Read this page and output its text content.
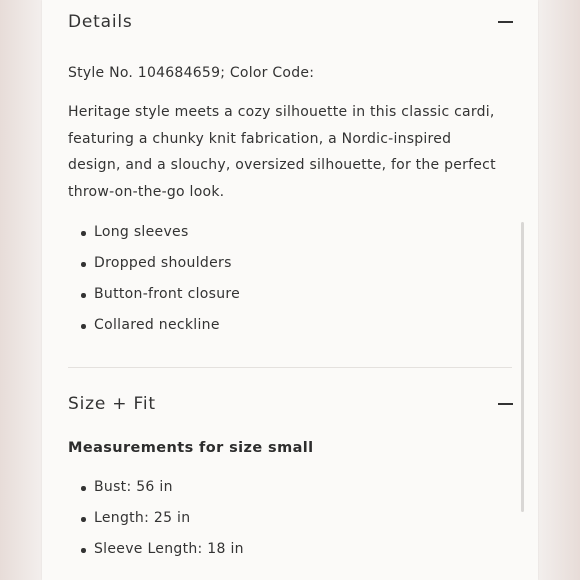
Details
Style No. 104684659; Color Code:
Heritage style meets a cozy silhouette in this classic cardi, featuring a chunky knit fabrication, a Nordic-inspired design, and a slouchy, oversized silhouette, for the perfect throw-on-the-go look.
Long sleeves
Dropped shoulders
Button-front closure
Collared neckline
Size + Fit
Measurements for size small
Bust: 56 in
Length: 25 in
Sleeve Length: 18 in
